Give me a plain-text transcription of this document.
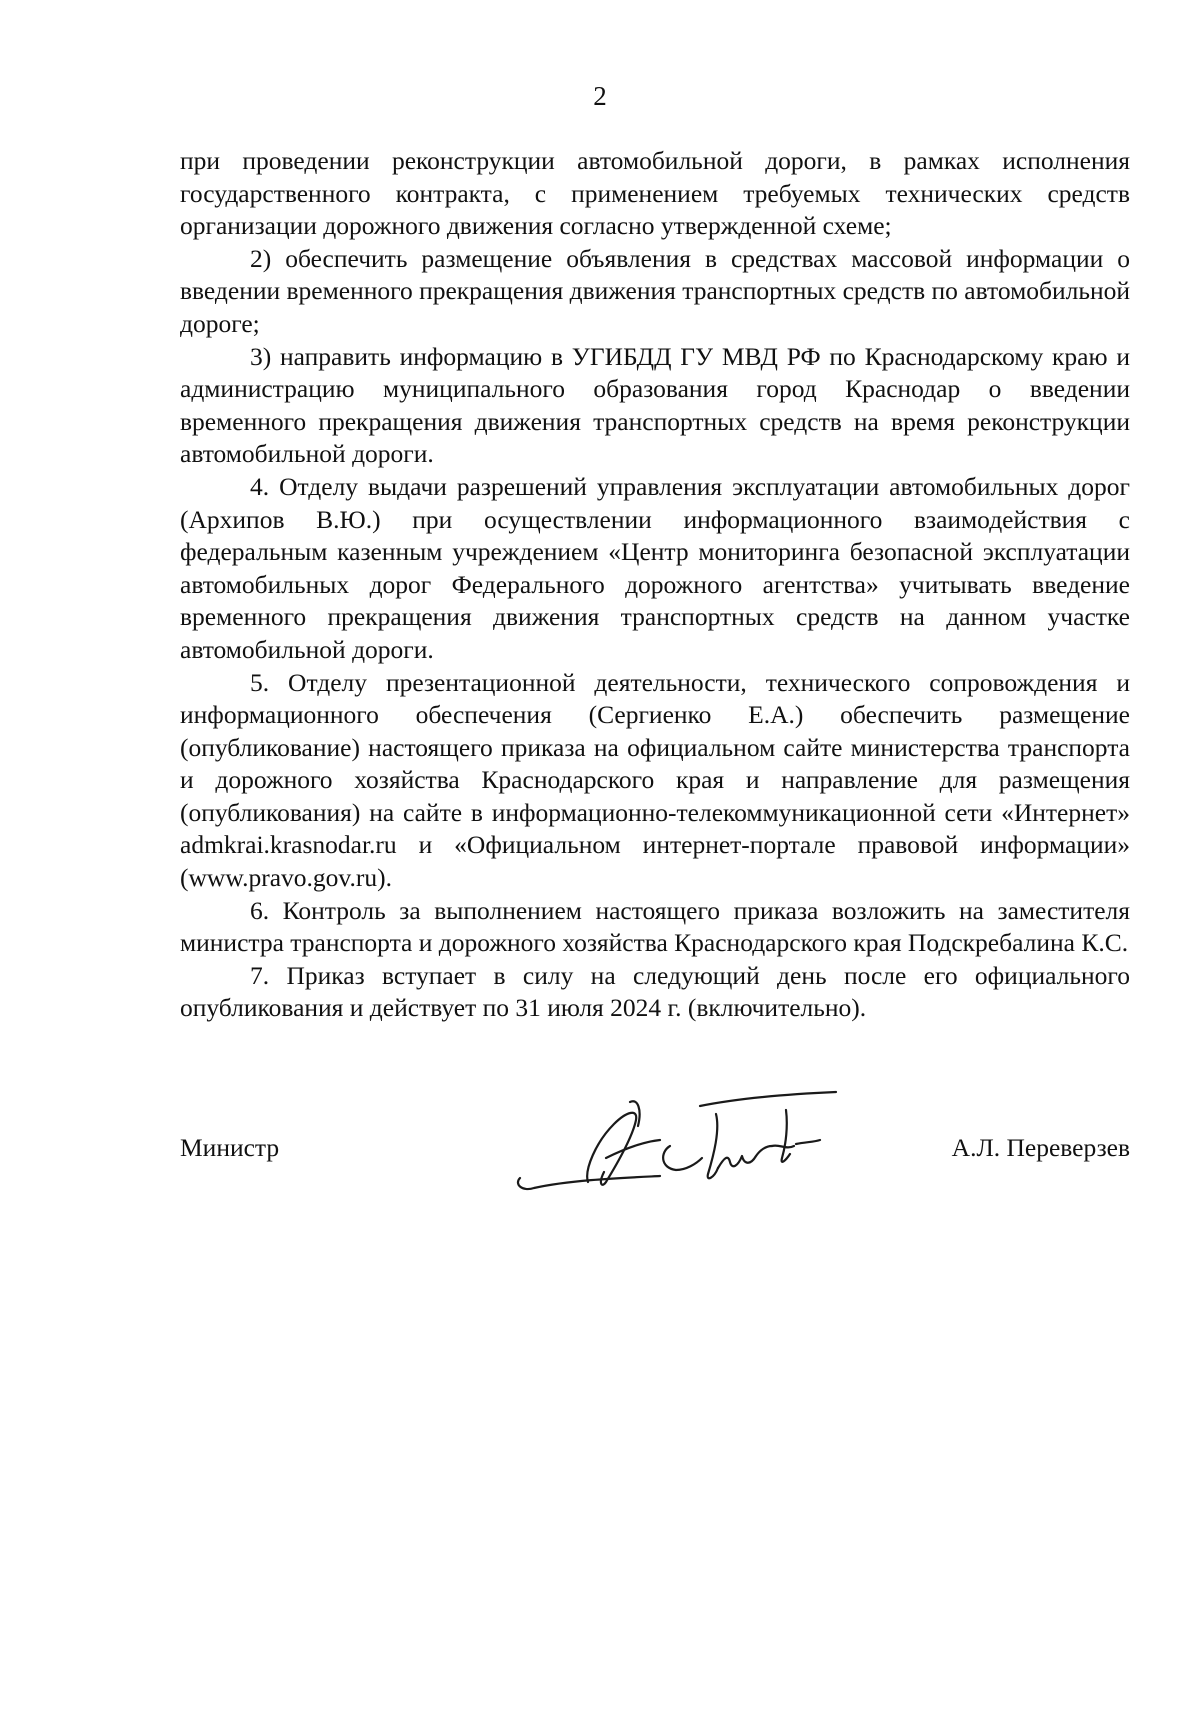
2

при проведении реконструкции автомобильной дороги, в рамках исполнения государственного контракта, с применением требуемых технических средств организации дорожного движения согласно утвержденной схеме;

2) обеспечить размещение объявления в средствах массовой информации о введении временного прекращения движения транспортных средств по автомобильной дороге;

3) направить информацию в УГИБДД ГУ МВД РФ по Краснодарскому краю и администрацию муниципального образования город Краснодар о введении временного прекращения движения транспортных средств на время реконструкции автомобильной дороги.

4. Отделу выдачи разрешений управления эксплуатации автомобильных дорог (Архипов В.Ю.) при осуществлении информационного взаимодействия с федеральным казенным учреждением «Центр мониторинга безопасной эксплуатации автомобильных дорог Федерального дорожного агентства» учитывать введение временного прекращения движения транспортных средств на данном участке автомобильной дороги.

5. Отделу презентационной деятельности, технического сопровождения и информационного обеспечения (Сергиенко Е.А.) обеспечить размещение (опубликование) настоящего приказа на официальном сайте министерства транспорта и дорожного хозяйства Краснодарского края и направление для размещения (опубликования) на сайте в информационно-телекоммуникационной сети «Интернет» admkrai.krasnodar.ru и «Официальном интернет-портале правовой информации» (www.pravo.gov.ru).

6. Контроль за выполнением настоящего приказа возложить на заместителя министра транспорта и дорожного хозяйства Краснодарского края Подскребалина К.С.

7. Приказ вступает в силу на следующий день после его официального опубликования и действует по 31 июля 2024 г. (включительно).

Министр	А.Л. Переверзев
